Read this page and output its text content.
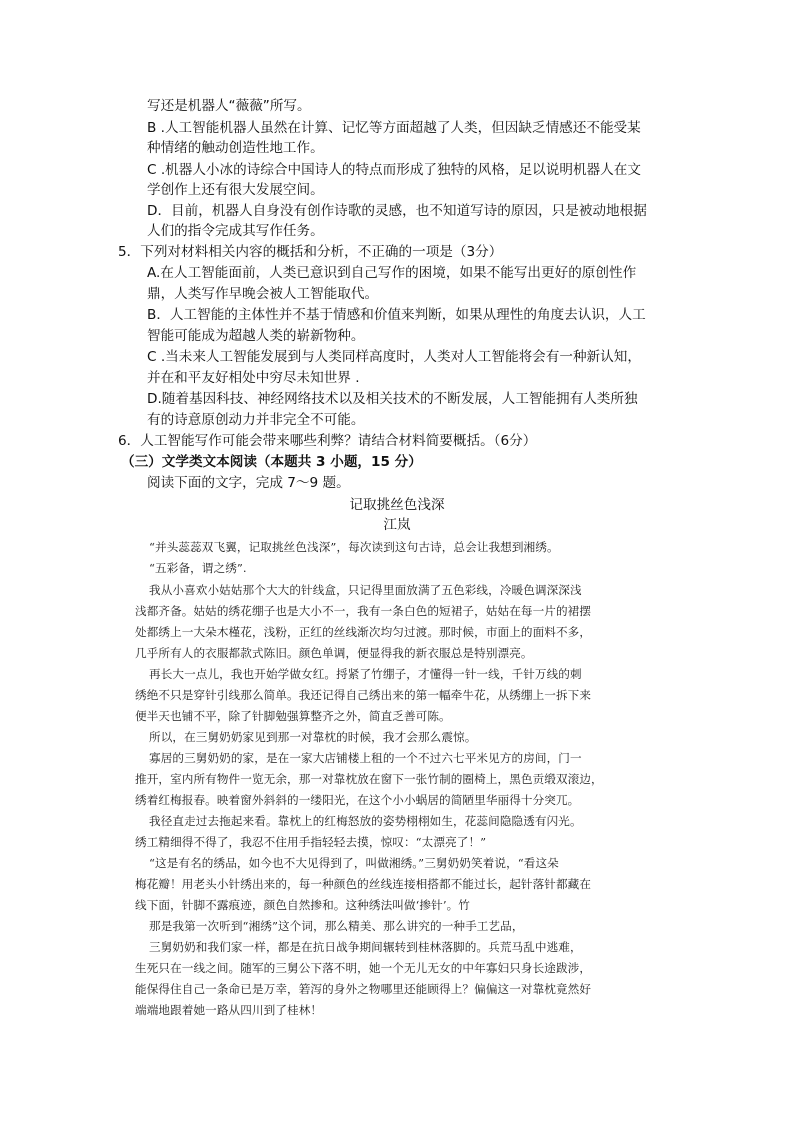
写还是机器人“薇薇”所写。
B .人工智能机器人虽然在计算、记忆等方面超越了人类，但因缺乏情感还不能受某
种情绪的触动创造性地工作。
C .机器人小冰的诗综合中国诗人的特点而形成了独特的风格，足以说明机器人在文
学创作上还有很大发展空间。
D．目前，机器人自身没有创作诗歌的灵感，也不知道写诗的原因，只是被动地根据
人们的指令完成其写作任务。
5．下列对材料相关内容的概括和分析，不正确的一项是（3分）
A.在人工智能面前，人类已意识到自己写作的困境，如果不能写出更好的原创性作
鼎，人类写作早晚会被人工智能取代。
B．人工智能的主体性并不基于情感和价值来判断，如果从理性的角度去认识，人工
智能可能成为超越人类的崭新物种。
C .当未来人工智能发展到与人类同样高度时，人类对人工智能将会有一种新认知，
并在和平友好相处中穷尽未知世界 .
D.随着基因科技、神经网络技术以及相关技术的不断发展，人工智能拥有人类所独
有的诗意原创动力并非完全不可能。
6．人工智能写作可能会带来哪些利弊？请结合材料简要概括。（6分）
（三）文学类文本阅读（本题共 3 小题，15 分）
阅读下面的文字，完成 7～9 题。
记取挑丝色浅深
江岚
“并头蕊蕊双飞翼，记取挑丝色浅深”，每次读到这句古诗，总会让我想到湘绣。
“五彩备，谓之绣”.
我从小喜欢小姑姑那个大大的针线盒，只记得里面放满了五色彩线，冷暖色调深深浅
浅都齐备。姑姑的绣花绷子也是大小不一，我有一条白色的短裙子，姑姑在每一片的裙摆
处都绣上一大朵木槿花，浅粉，正红的丝线渐次均匀过渡。那时候，市面上的面料不多，
几乎所有人的衣服都款式陈旧。颜色单调，便显得我的新衣服总是特别漂亮。
再长大一点儿，我也开始学做女红。捋紧了竹绷子，才懂得一针一线，千针万线的刺
绣绝不只是穿针引线那么简单。我还记得自己绣出来的第一幅牵牛花，从绣绷上一拆下来
便半天也铺不平，除了针脚勉强算整齐之外，简直乏善可陈。
所以，在三舅奶奶家见到那一对靠枕的时候，我才会那么震惊。
寡居的三舅奶奶的家，是在一家大店铺楼上租的一个不过六七平米见方的房间，门一
推开，室内所有物件一览无余，那一对靠枕放在窗下一张竹制的圈椅上，黑色贡缎双滚边，
绣着红梅报春。映着窗外斜斜的一缕阳光，在这个小小蜗居的简陋里华丽得十分突兀。
我径直走过去拖起来看。靠枕上的红梅怒放的姿势栩栩如生，花蕊间隐隐透有闪光。
绣工精细得不得了，我忍不住用手指轻轻去摸，惊叹：“太漂亮了！”
“这是有名的绣品，如今也不大见得到了，叫做湘绣。”三舅奶奶笑着说，“看这朵
梅花瓣！用老头小针绣出来的，每一种颜色的丝线连接相搭都不能过长，起针落针都藏在
线下面，针脚不露痕迹，颜色自然掺和。这种绣法叫做‘掺针’。竹
那是我第一次听到“湘绣”这个词，那么精美、那么讲究的一种手工艺品，
三舅奶奶和我们家一样，都是在抗日战争期间辗转到桂林落脚的。兵荒马乱中逃难，
生死只在一线之间。随军的三舅公下落不明，她一个无儿无女的中年寡妇只身长途跋涉，
能保得住自己一条命已是万幸，箬泻的身外之物哪里还能顾得上？偏偏这一对靠枕竟然好
端端地跟着她一路从四川到了桂林！
